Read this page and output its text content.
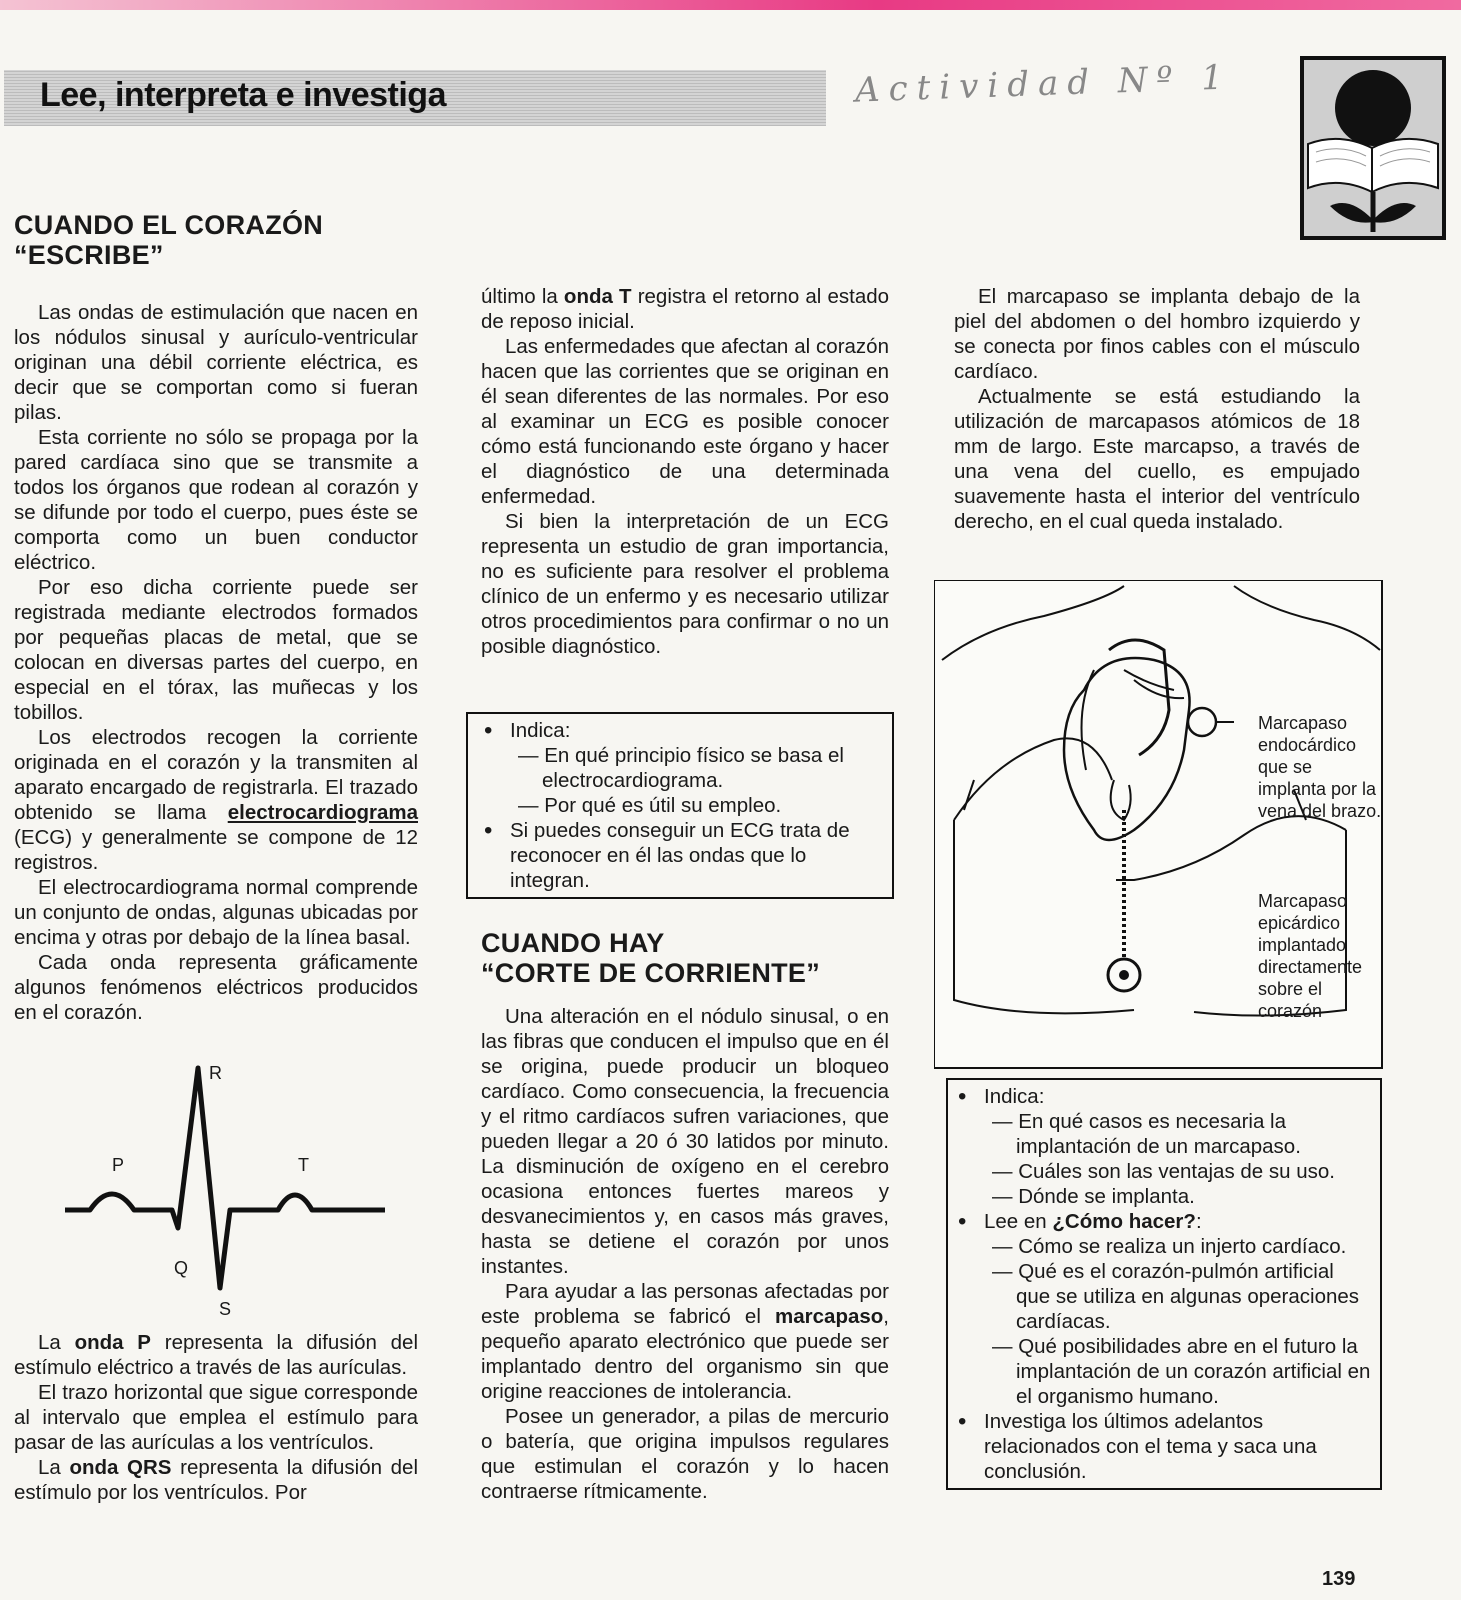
Lee, interpreta e investiga	Actividad Nº 1
CUANDO EL CORAZÓN
“ESCRIBE”

Las ondas de estimulación que nacen en los nódulos sinusal y aurículo-ventricular originan una débil corriente eléctrica, es decir que se comportan como si fueran pilas.

Esta corriente no sólo se propaga por la pared cardíaca sino que se transmite a todos los órganos que rodean al corazón y se difunde por todo el cuerpo, pues éste se comporta como un buen conductor eléctrico.

Por eso dicha corriente puede ser registrada mediante electrodos formados por pequeñas placas de metal, que se colocan en diversas partes del cuerpo, en especial en el tórax, las muñecas y los tobillos.

Los electrodos recogen la corriente originada en el corazón y la transmiten al aparato encargado de registrarla. El trazado obtenido se llama electrocardiograma (ECG) y generalmente se compone de 12 registros.

El electrocardiograma normal comprende un conjunto de ondas, algunas ubicadas por encima y otras por debajo de la línea basal.

Cada onda representa gráficamente algunos fenómenos eléctricos producidos en el corazón.

R
P	T
Q
S

La onda P representa la difusión del estímulo eléctrico a través de las aurículas.

El trazo horizontal que sigue corresponde al intervalo que emplea el estímulo para pasar de las aurículas a los ventrículos.

La onda QRS representa la difusión del estímulo por los ventrículos. Por

último la onda T registra el retorno al estado de reposo inicial.

Las enfermedades que afectan al corazón hacen que las corrientes que se originan en él sean diferentes de las normales. Por eso al examinar un ECG es posible conocer cómo está funcionando este órgano y hacer el diagnóstico de una determinada enfermedad.

Si bien la interpretación de un ECG representa un estudio de gran importancia, no es suficiente para resolver el problema clínico de un enfermo y es necesario utilizar otros procedimientos para confirmar o no un posible diagnóstico.

• Indica:
— En qué principio físico se basa el electrocardiograma.
— Por qué es útil su empleo.
• Si puedes conseguir un ECG trata de reconocer en él las ondas que lo integran.
CUANDO HAY
“CORTE DE CORRIENTE”

Una alteración en el nódulo sinusal, o en las fibras que conducen el impulso que en él se origina, puede producir un bloqueo cardíaco. Como consecuencia, la frecuencia y el ritmo cardíacos sufren variaciones, que pueden llegar a 20 ó 30 latidos por minuto. La disminución de oxígeno en el cerebro ocasiona entonces fuertes mareos y desvanecimientos y, en casos más graves, hasta se detiene el corazón por unos instantes.

Para ayudar a las personas afectadas por este problema se fabricó el marcapaso, pequeño aparato electrónico que puede ser implantado dentro del organismo sin que origine reacciones de intolerancia.

Posee un generador, a pilas de mercurio o batería, que origina impulsos regulares que estimulan el corazón y lo hacen contraerse rítmicamente.

El marcapaso se implanta debajo de la piel del abdomen o del hombro izquierdo y se conecta por finos cables con el músculo cardíaco.

Actualmente se está estudiando la utilización de marcapasos atómicos de 18 mm de largo. Este marcapso, a través de una vena del cuello, es empujado suavemente hasta el interior del ventrículo derecho, en el cual queda instalado.

Marcapaso endocárdico que se implanta por la vena del brazo.
Marcapaso epicárdico implantado directamente sobre el corazón
• Indica:
— En qué casos es necesaria la implantación de un marcapaso.
— Cuáles son las ventajas de su uso.
— Dónde se implanta.
• Lee en ¿Cómo hacer?:
— Cómo se realiza un injerto cardíaco.
— Qué es el corazón-pulmón artificial que se utiliza en algunas operaciones cardíacas.
— Qué posibilidades abre en el futuro la implantación de un corazón artificial en el organismo humano.
• Investiga los últimos adelantos relacionados con el tema y saca una conclusión.
139
